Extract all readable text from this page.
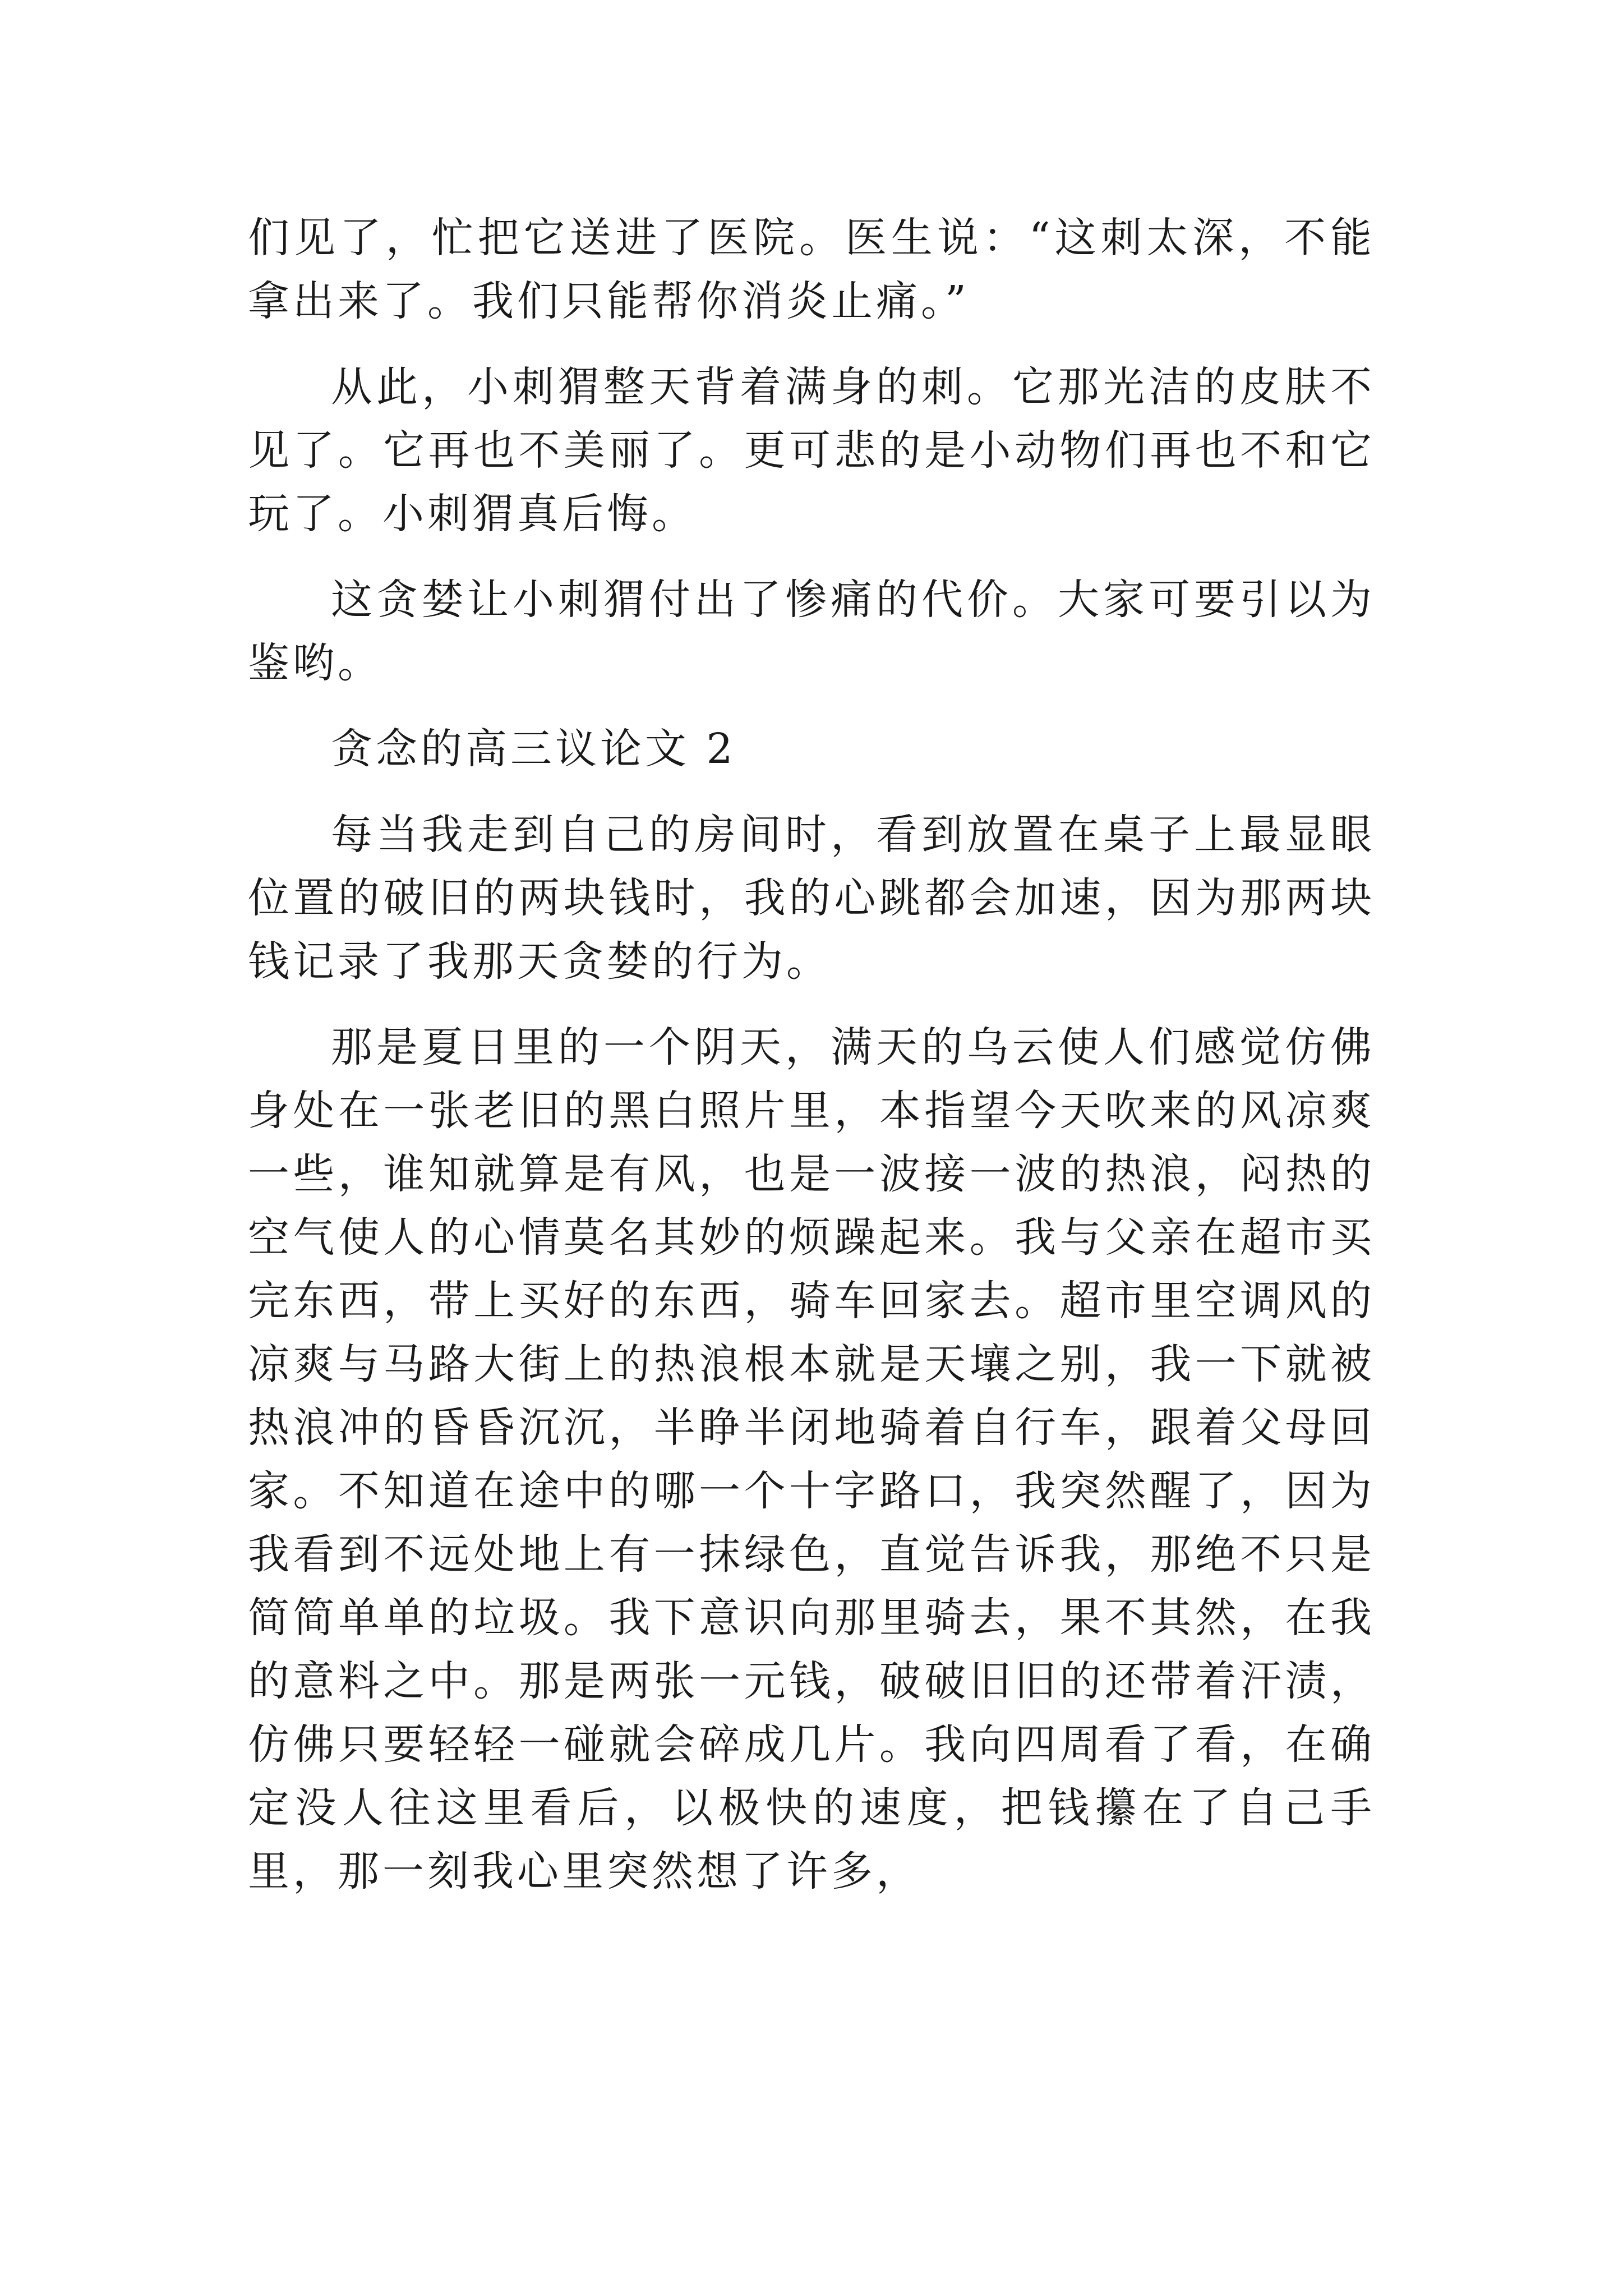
们见了，忙把它送进了医院。医生说：“这刺太深，不能拿出来了。我们只能帮你消炎止痛。”

从此，小刺猬整天背着满身的刺。它那光洁的皮肤不见了。它再也不美丽了。更可悲的是小动物们再也不和它玩了。小刺猬真后悔。

这贪婪让小刺猬付出了惨痛的代价。大家可要引以为鉴哟。

贪念的高三议论文 2

每当我走到自己的房间时，看到放置在桌子上最显眼位置的破旧的两块钱时，我的心跳都会加速，因为那两块钱记录了我那天贪婪的行为。

那是夏日里的一个阴天，满天的乌云使人们感觉仿佛身处在一张老旧的黑白照片里，本指望今天吹来的风凉爽一些，谁知就算是有风，也是一波接一波的热浪，闷热的空气使人的心情莫名其妙的烦躁起来。我与父亲在超市买完东西，带上买好的东西，骑车回家去。超市里空调风的凉爽与马路大街上的热浪根本就是天壤之别，我一下就被热浪冲的昏昏沉沉，半睁半闭地骑着自行车，跟着父母回家。不知道在途中的哪一个十字路口，我突然醒了，因为我看到不远处地上有一抹绿色，直觉告诉我，那绝不只是简简单单的垃圾。我下意识向那里骑去，果不其然，在我的意料之中。那是两张一元钱，破破旧旧的还带着汗渍，仿佛只要轻轻一碰就会碎成几片。我向四周看了看，在确定没人往这里看后，以极快的速度，把钱攥在了自己手里，那一刻我心里突然想了许多，
